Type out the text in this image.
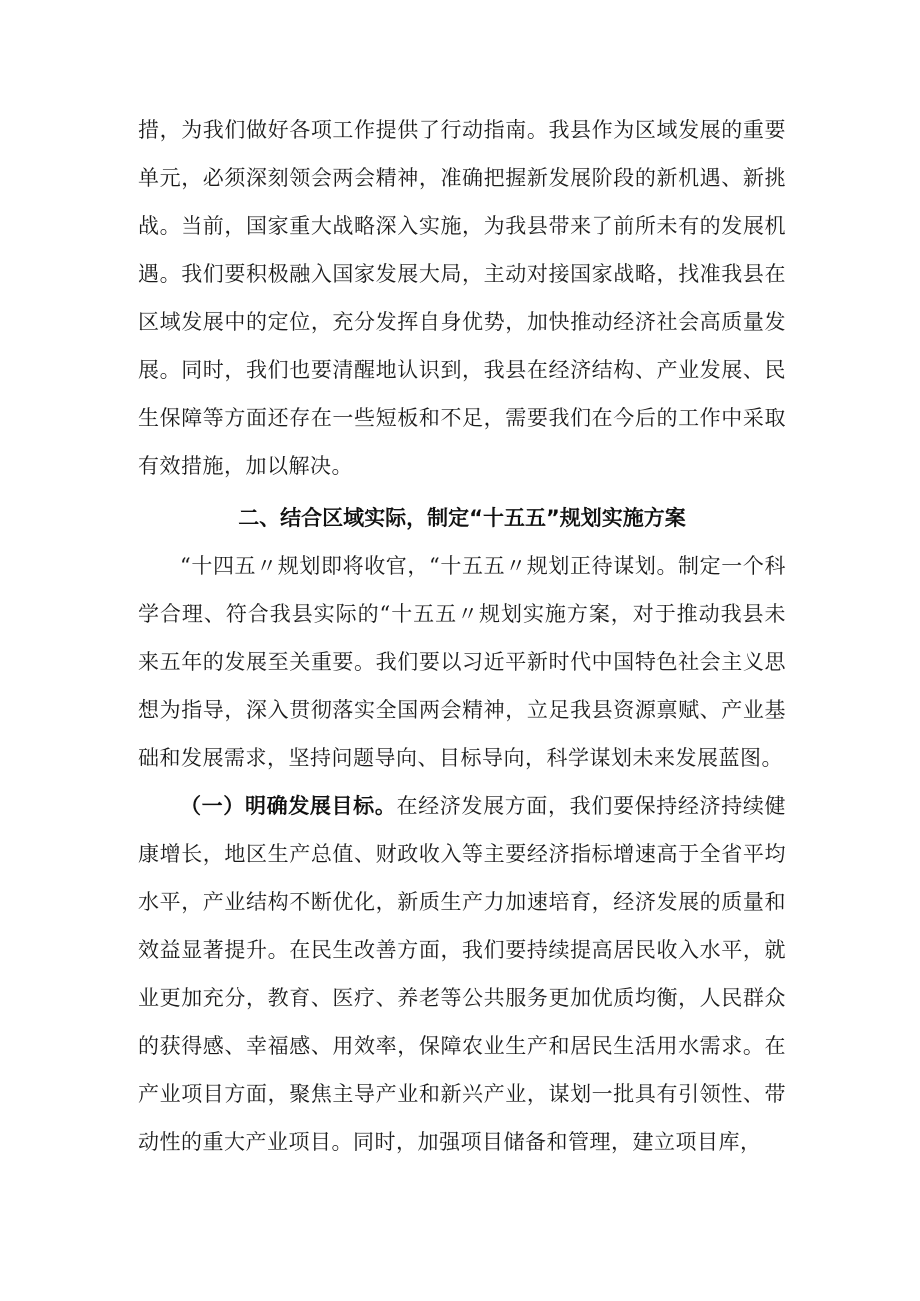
措，为我们做好各项工作提供了行动指南。我县作为区域发展的重要单元，必须深刻领会两会精神，准确把握新发展阶段的新机遇、新挑战。当前，国家重大战略深入实施，为我县带来了前所未有的发展机遇。我们要积极融入国家发展大局，主动对接国家战略，找准我县在区域发展中的定位，充分发挥自身优势，加快推动经济社会高质量发展。同时，我们也要清醒地认识到，我县在经济结构、产业发展、民生保障等方面还存在一些短板和不足，需要我们在今后的工作中采取有效措施，加以解决。
二、结合区域实际，制定“十五五”规划实施方案
“十四五〃规划即将收官，“十五五〃规划正待谋划。制定一个科学合理、符合我县实际的“十五五〃规划实施方案，对于推动我县未来五年的发展至关重要。我们要以习近平新时代中国特色社会主义思想为指导，深入贯彻落实全国两会精神，立足我县资源禀赋、产业基础和发展需求，坚持问题导向、目标导向，科学谋划未来发展蓝图。
（一）明确发展目标。在经济发展方面，我们要保持经济持续健康增长，地区生产总值、财政收入等主要经济指标增速高于全省平均水平，产业结构不断优化，新质生产力加速培育，经济发展的质量和效益显著提升。在民生改善方面，我们要持续提高居民收入水平，就业更加充分，教育、医疗、养老等公共服务更加优质均衡，人民群众的获得感、幸福感、用效率，保障农业生产和居民生活用水需求。在产业项目方面，聚焦主导产业和新兴产业，谋划一批具有引领性、带动性的重大产业项目。同时，加强项目储备和管理，建立项目库，
